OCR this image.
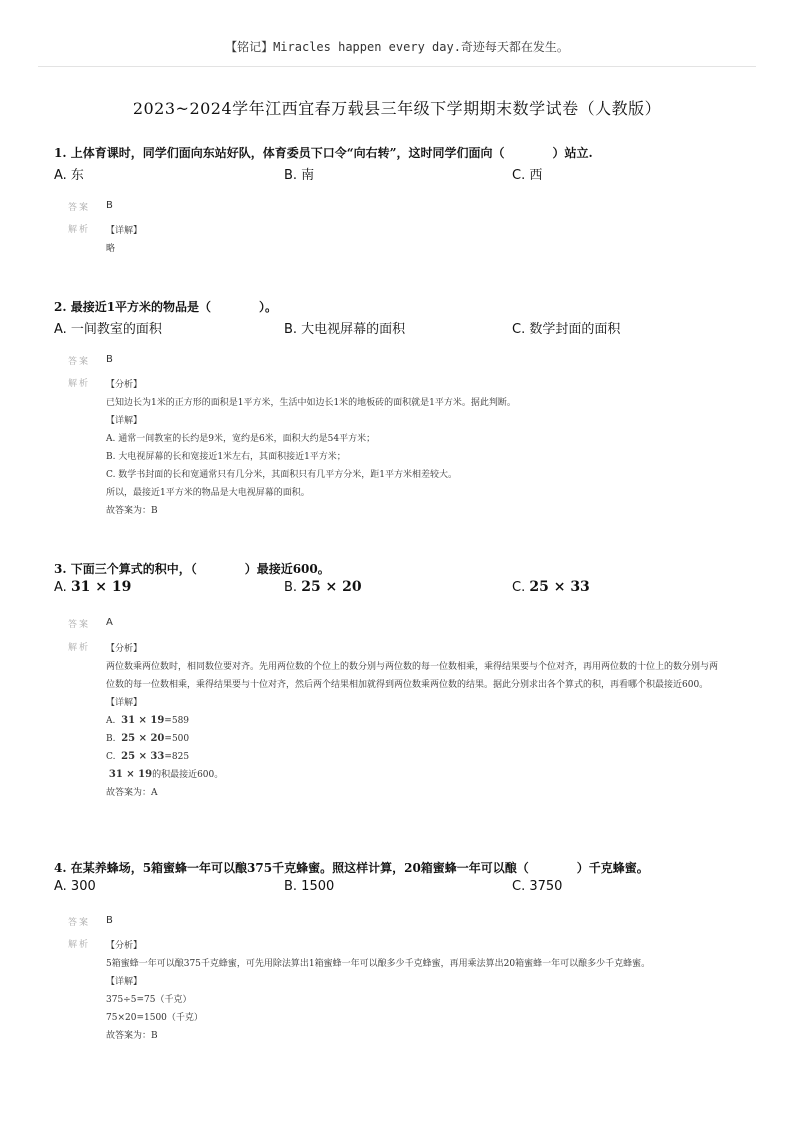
【铭记】Miracles happen every day.奇迹每天都在发生。
2023~2024学年江西宜春万载县三年级下学期期末数学试卷（人教版）
1. 上体育课时，同学们面向东站好队，体育委员下口令“向右转”，这时同学们面向（　　　　）站立.
A. 东	B. 南	C. 西
答案 B
解析 【详解】
略
2. 最接近1平方米的物品是（　　　　）。
A. 一间教室的面积	B. 大电视屏幕的面积	C. 数学封面的面积
答案 B
解析 【分析】
已知边长为1米的正方形的面积是1平方米，生活中如边长1米的地板砖的面积就是1平方米。据此判断。
【详解】
A. 通常一间教室的长约是9米，宽约是6米，面积大约是54平方米；
B. 大电视屏幕的长和宽接近1米左右，其面积接近1平方米；
C. 数学书封面的长和宽通常只有几分米，其面积只有几平方分米，距1平方米相差较大。
所以，最接近1平方米的物品是大电视屏幕的面积。
故答案为：B
3. 下面三个算式的积中，（　　　　）最接近600。
A. 31 × 19	B. 25 × 20	C. 25 × 33
答案 A
解析 【分析】
两位数乘两位数时，相同数位要对齐。先用两位数的个位上的数分别与两位数的每一位数相乘，乘得结果要与个位对齐，再用两位数的十位上的数分别与两位数的每一位数相乘，乘得结果要与十位对齐，然后两个结果相加就得到两位数乘两位数的结果。据此分别求出各个算式的积，再看哪个积最接近600。
【详解】
A. 31 × 19=589
B. 25 × 20=500
C. 25 × 33=825
31 × 19的积最接近600。
故答案为：A
4. 在某养蜂场，5箱蜜蜂一年可以酿375千克蜂蜜。照这样计算，20箱蜜蜂一年可以酿（　　　　）千克蜂蜜。
A. 300	B. 1500	C. 3750
答案 B
解析 【分析】
5箱蜜蜂一年可以酿375千克蜂蜜，可先用除法算出1箱蜜蜂一年可以酿多少千克蜂蜜，再用乘法算出20箱蜜蜂一年可以酿多少千克蜂蜜。
【详解】
375÷5=75（千克）
75×20=1500（千克）
故答案为：B
